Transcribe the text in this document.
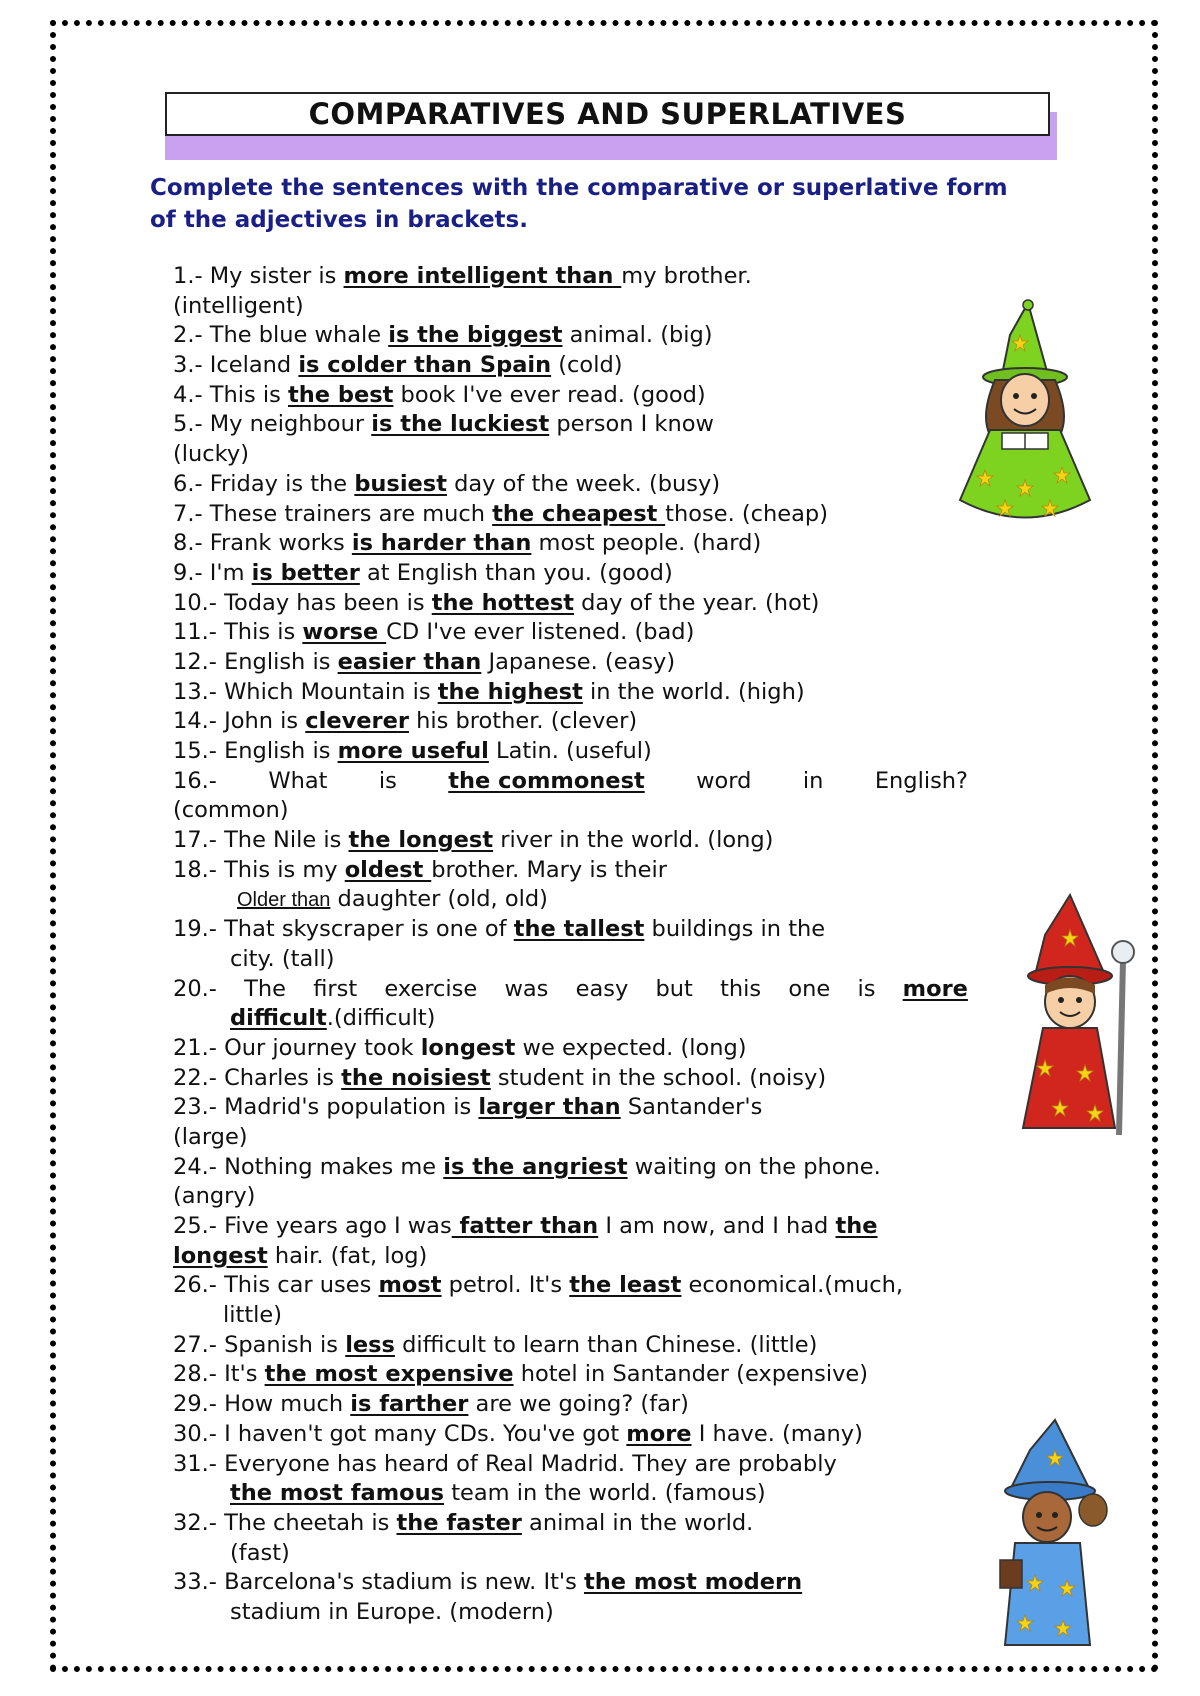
COMPARATIVES AND SUPERLATIVES
Complete the sentences with the comparative or superlative form of the adjectives in brackets.
1.- My sister is more intelligent than my brother.
(intelligent)
2.- The blue whale is the biggest animal. (big)
3.- Iceland is colder than Spain (cold)
4.- This is the best book I've ever read. (good)
5.- My neighbour is the luckiest person I know
(lucky)
6.- Friday is the busiest day of the week. (busy)
7.- These trainers are much the cheapest those. (cheap)
8.- Frank works is harder than most people. (hard)
9.- I'm is better at English than you. (good)
10.- Today has been is the hottest day of the year. (hot)
11.- This is worse CD I've ever listened. (bad)
12.- English is easier than Japanese. (easy)
13.- Which Mountain is the highest in the world. (high)
14.- John is cleverer his brother. (clever)
15.- English is more useful Latin. (useful)
16.- What is the commonest word in English?
(common)
17.- The Nile is the longest river in the world. (long)
18.- This is my oldest brother. Mary is their
Older than daughter (old, old)
19.- That skyscraper is one of the tallest buildings in the
city. (tall)
20.- The first exercise was easy but this one is more
difficult.(difficult)
21.- Our journey took longest we expected. (long)
22.- Charles is the noisiest student in the school. (noisy)
23.- Madrid's population is larger than Santander's
(large)
24.- Nothing makes me is the angriest waiting on the phone.
(angry)
25.- Five years ago I was fatter than I am now, and I had the
longest hair. (fat, log)
26.- This car uses most petrol. It's the least economical.(much,
little)
27.- Spanish is less difficult to learn than Chinese. (little)
28.- It's the most expensive hotel in Santander (expensive)
29.- How much is farther are we going? (far)
30.- I haven't got many CDs. You've got more I have. (many)
31.- Everyone has heard of Real Madrid. They are probably
the most famous team in the world. (famous)
32.- The cheetah is the faster animal in the world.
(fast)
33.- Barcelona's stadium is new. It's the most modern
stadium in Europe. (modern)
